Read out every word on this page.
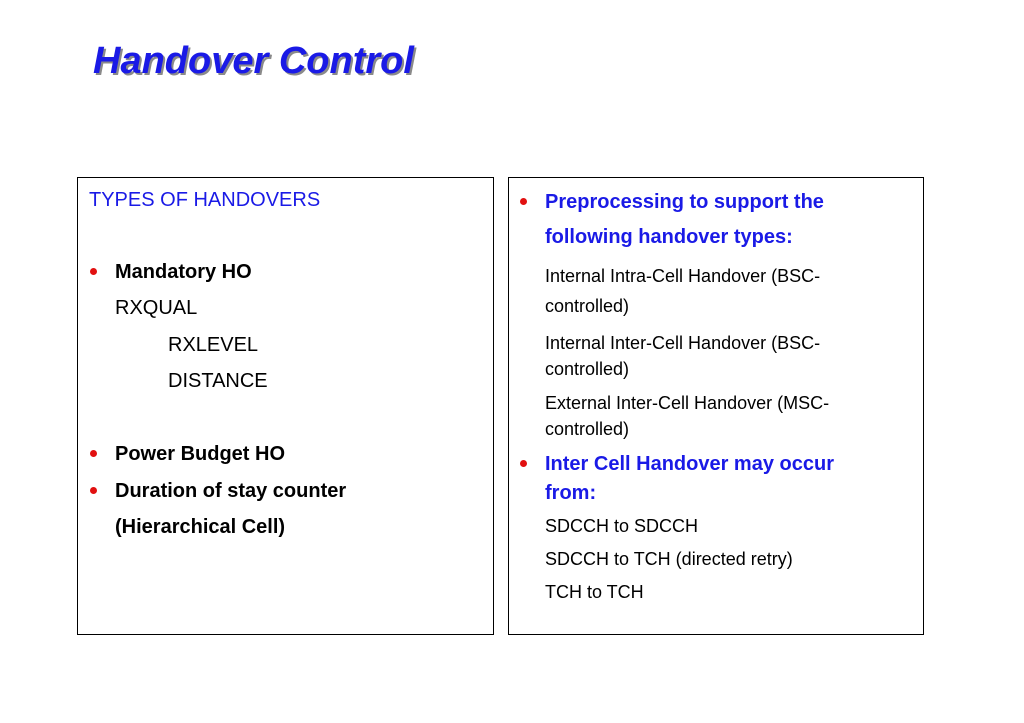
Handover Control
TYPES OF HANDOVERS
Mandatory HO
RXQUAL
RXLEVEL
DISTANCE
Power Budget HO
Duration of stay counter
(Hierarchical Cell)
Preprocessing to support the
following handover types:
Internal Intra-Cell Handover (BSC-
controlled)
Internal Inter-Cell Handover (BSC-
controlled)
External Inter-Cell Handover (MSC-
controlled)
Inter Cell Handover may occur
from:
SDCCH to SDCCH
SDCCH to TCH (directed retry)
TCH to TCH
